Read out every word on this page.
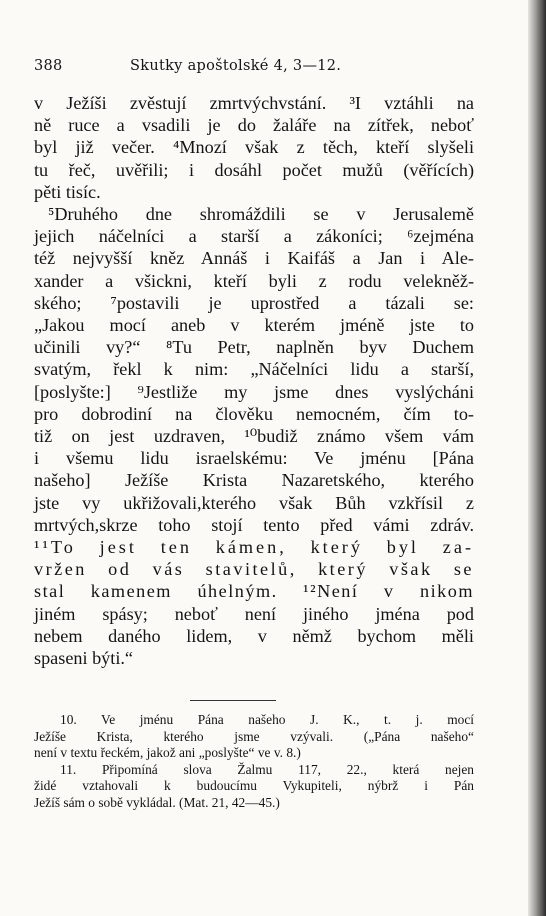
388	Skutky apoštolské 4, 3—12.
v Ježíši zvěstují zmrtvýchvstání. ³I vztáhli na
ně ruce a vsadili je do žaláře na zítřek, neboť
byl již večer. ⁴Mnozí však z těch, kteří slyšeli
tu řeč, uvěřili; i dosáhl počet mužů (věřících)
pěti tisíc.
⁵Druhého dne shromáždili se v Jerusalemě
jejich náčelníci a starší a zákoníci; ⁶zejména
též nejvyšší kněz Annáš i Kaifáš a Jan i Ale-
xander a všickni, kteří byli z rodu velekněž-
ského; ⁷postavili je uprostřed a tázali se:
„Jakou mocí aneb v kterém jméně jste to
učinili vy?“ ⁸Tu Petr, naplněn byv Duchem
svatým, řekl k nim: „Náčelníci lidu a starší,
[poslyšte:] ⁹Jestliže my jsme dnes vyslýcháni
pro dobrodiní na člověku nemocném, čím to-
tiž on jest uzdraven, ¹⁰budiž známo všem vám
i všemu lidu israelskému: Ve jménu [Pána
našeho] Ježíše Krista Nazaretského, kterého
jste vy ukřižovali,kterého však Bůh vzkřísil z
mrtvých,skrze toho stojí tento před vámi zdráv.
¹¹To jest ten kámen, který byl za-
vržen od vás stavitelů, který však se
stal kamenem úhelným. ¹²Není v nikom
jiném spásy; neboť není jiného jména pod
nebem daného lidem, v němž bychom měli
spaseni býti.“
10. Ve jménu Pána našeho J. K., t. j. mocí
Ježíše Krista, kterého jsme vzývali. („Pána našeho“
není v textu řeckém, jakož ani „poslyšte“ ve v. 8.)
11. Připomíná slova Žalmu 117, 22., která nejen
židé vztahovali k budoucímu Vykupiteli, nýbrž i Pán
Ježíš sám o sobě vykládal. (Mat. 21, 42—45.)
